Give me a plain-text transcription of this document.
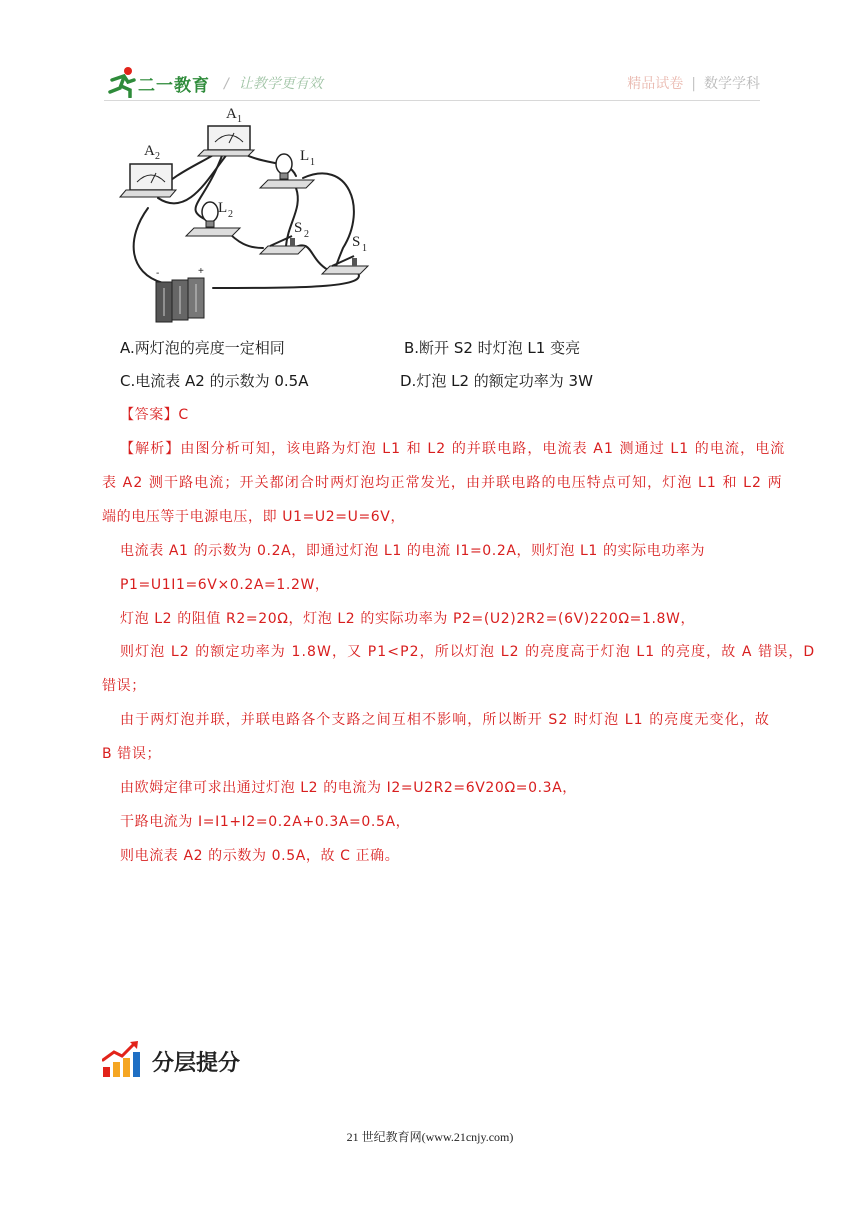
二一教育 / 让教学更有效	精品试卷 | 数学学科
A 1
A 2	L 1
L 2
S 2	S 1
-	+
A.两灯泡的亮度一定相同	B.断开 S2 时灯泡 L1 变亮
C.电流表 A2 的示数为 0.5A	D.灯泡 L2 的额定功率为 3W
【答案】C
【解析】由图分析可知，该电路为灯泡 L1 和 L2 的并联电路，电流表 A1 测通过 L1 的电流，电流
表 A2 测干路电流；开关都闭合时两灯泡均正常发光，由并联电路的电压特点可知，灯泡 L1 和 L2 两
端的电压等于电源电压，即 U1=U2=U=6V，
电流表 A1 的示数为 0.2A，即通过灯泡 L1 的电流 I1=0.2A，则灯泡 L1 的实际电功率为
P1=U1I1=6V×0.2A=1.2W，
灯泡 L2 的阻值 R2=20Ω，灯泡 L2 的实际功率为 P2=(U2)2R2=(6V)220Ω=1.8W，
则灯泡 L2 的额定功率为 1.8W，又 P1<P2，所以灯泡 L2 的亮度高于灯泡 L1 的亮度，故 A 错误，D
错误；
由于两灯泡并联，并联电路各个支路之间互相不影响，所以断开 S2 时灯泡 L1 的亮度无变化，故
B 错误；
由欧姆定律可求出通过灯泡 L2 的电流为 I2=U2R2=6V20Ω=0.3A，
干路电流为 I=I1+I2=0.2A+0.3A=0.5A，
则电流表 A2 的示数为 0.5A，故 C 正确。
分层提分
21 世纪教育网(www.21cnjy.com)
